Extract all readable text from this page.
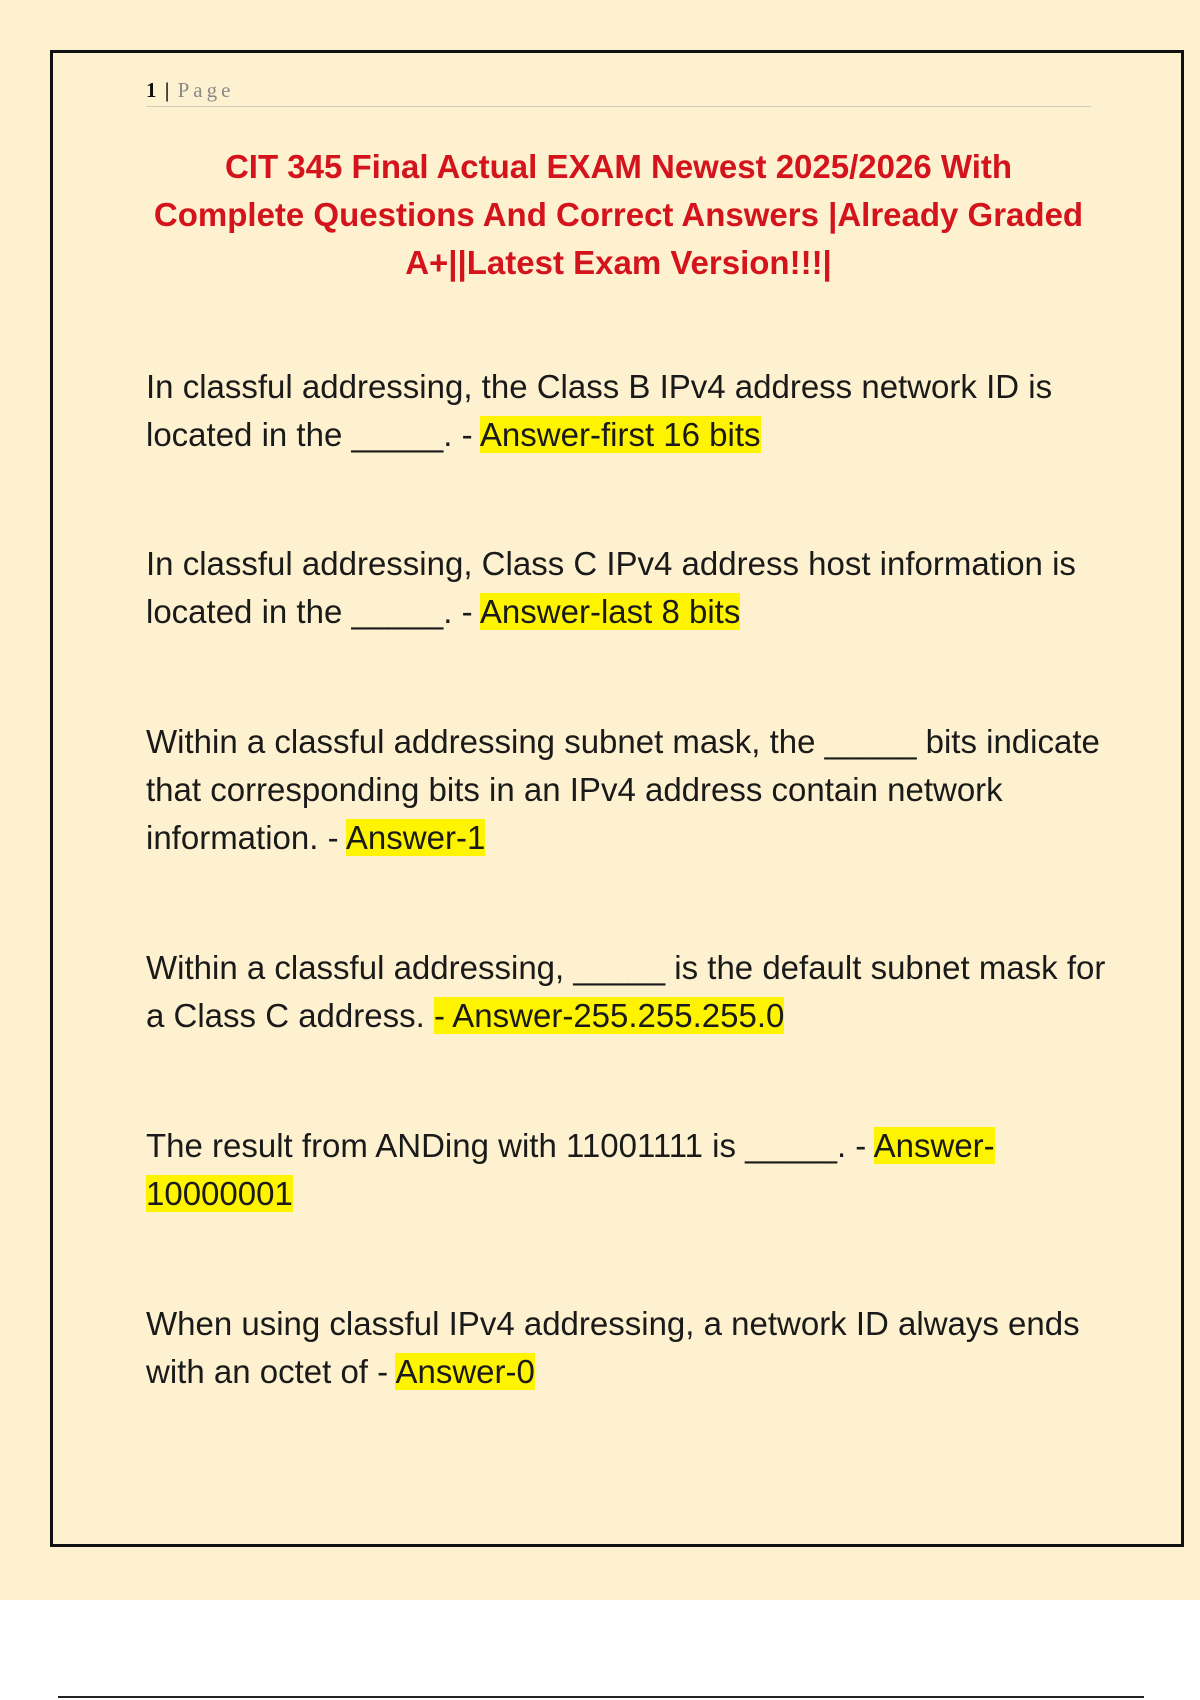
1 | Page
CIT 345 Final Actual EXAM Newest 2025/2026 With Complete Questions And Correct Answers |Already Graded A+||Latest Exam Version!!!|

In classful addressing, the Class B IPv4 address network ID is located in the _____. - Answer-first 16 bits

In classful addressing, Class C IPv4 address host information is located in the _____. - Answer-last 8 bits

Within a classful addressing subnet mask, the _____ bits indicate that corresponding bits in an IPv4 address contain network information. - Answer-1

Within a classful addressing, _____ is the default subnet mask for a Class C address. - Answer-255.255.255.0

The result from ANDing with 11001111 is _____. - Answer-10000001

When using classful IPv4 addressing, a network ID always ends with an octet of - Answer-0
